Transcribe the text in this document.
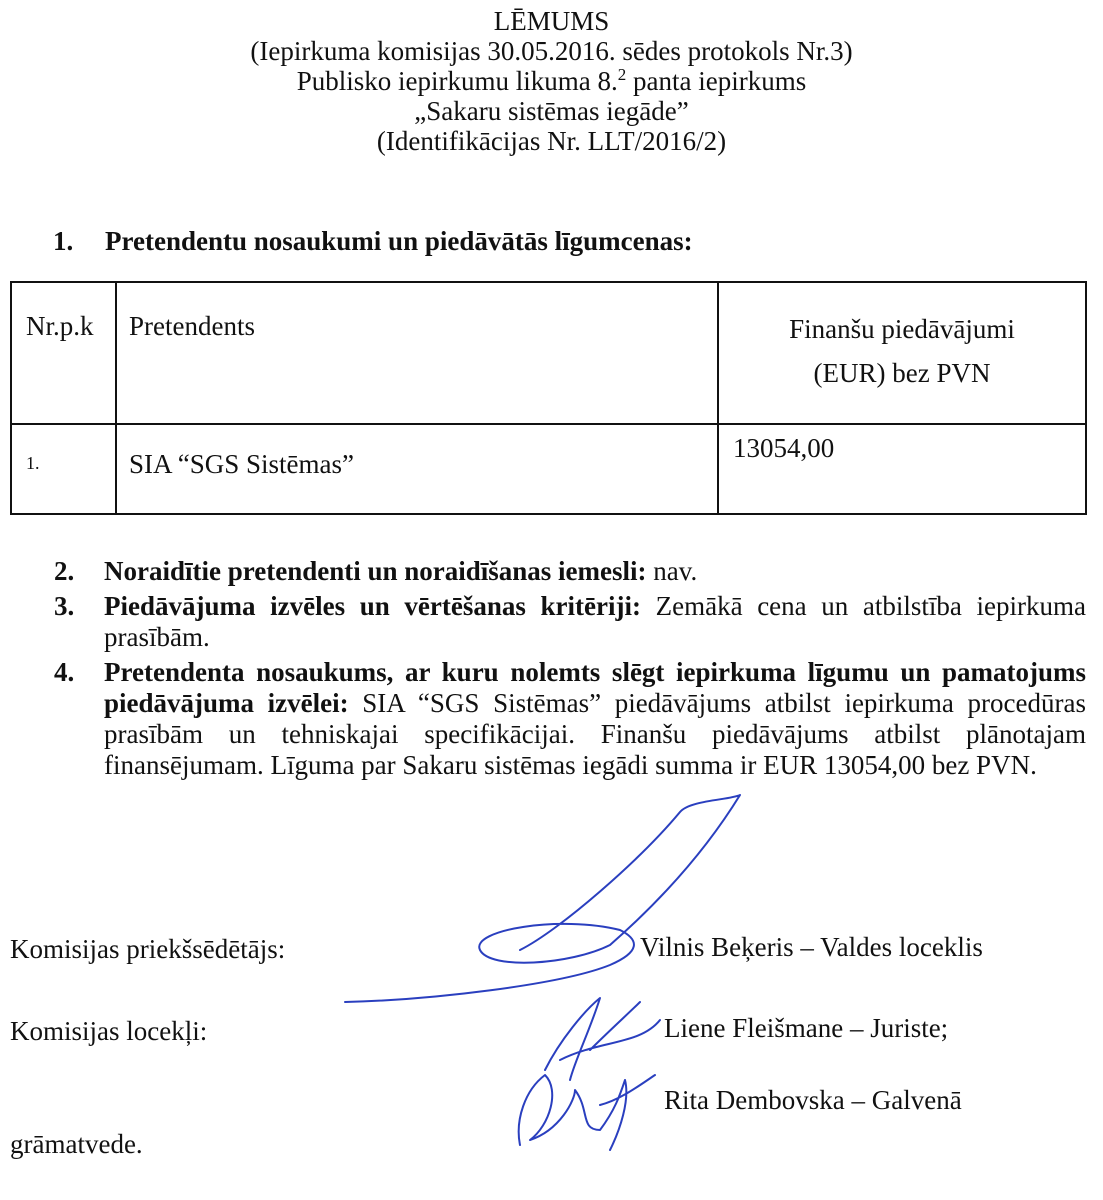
LĒMUMS
(Iepirkuma komisijas 30.05.2016. sēdes protokols Nr.3)
Publisko iepirkumu likuma 8.$^2$ panta iepirkums
„Sakaru sistēmas iegāde”
(Identifikācijas Nr. LLT/2016/2)
1. Pretendentu nosaukumi un piedāvātās līgumcenas:
Nr.p.k	Pretendents	Finanšu piedāvājumi
(EUR) bez PVN

1.	SIA “SGS Sistēmas”	13054,00
2. Noraidītie pretendenti un noraidīšanas iemesli: nav.
3. Piedāvājuma izvēles un vērtēšanas kritēriji: Zemākā cena un atbilstība iepirkuma prasībām.
4. Pretendenta nosaukums, ar kuru nolemts slēgt iepirkuma līgumu un pamatojums piedāvājuma izvēlei: SIA “SGS Sistēmas” piedāvājums atbilst iepirkuma procedūras prasībām un tehniskajai specifikācijai. Finanšu piedāvājums atbilst plānotajam finansējumam. Līguma par Sakaru sistēmas iegādi summa ir EUR 13054,00 bez PVN.
Komisijas priekšsēdētājs:	Vilnis Beķeris – Valdes loceklis
Komisijas locekļi:	Liene Fleišmane – Juriste;
Rita Dembovska – Galvenā
grāmatvede.
